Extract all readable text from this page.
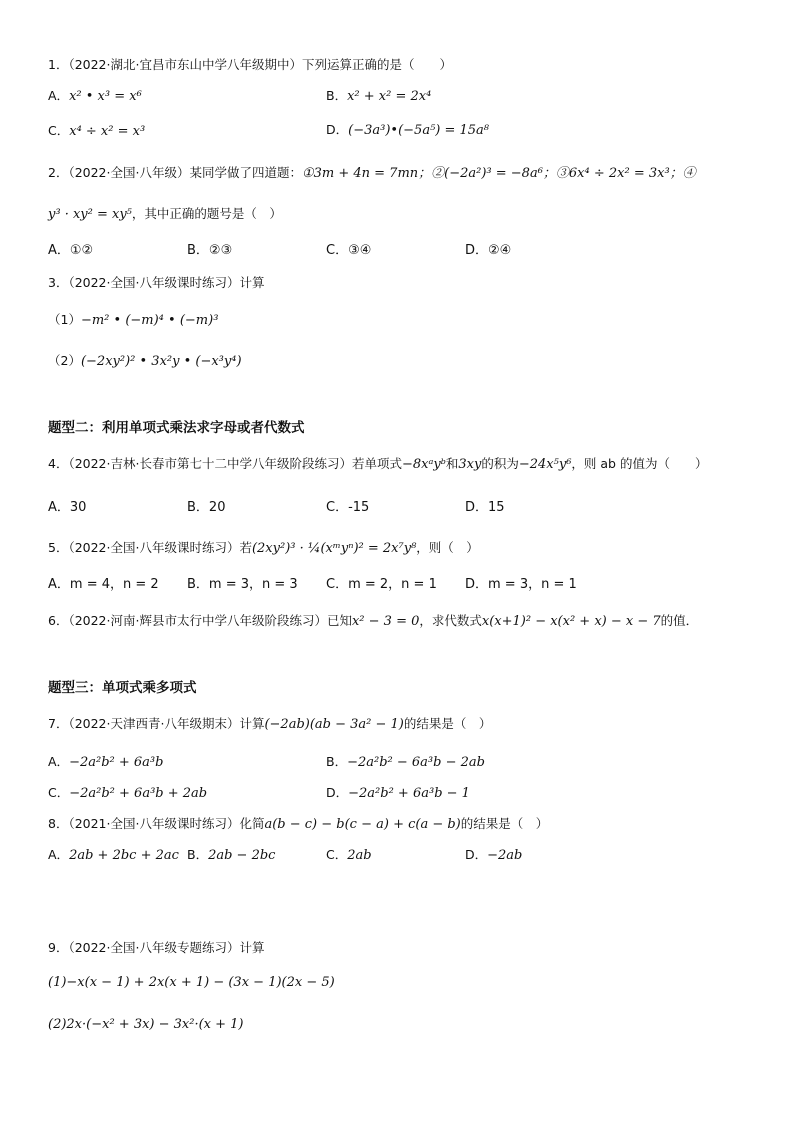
1．（2022·湖北·宜昌市东山中学八年级期中）下列运算正确的是（　　）
A．x² • x³ = x⁶	B．x² + x² = 2x⁴
C．x⁴ ÷ x² = x³	D．(−3a³)•(−5a⁵) = 15a⁸
2．（2022·全国·八年级）某同学做了四道题：①3m + 4n = 7mn；②(−2a²)³ = −8a⁶；③6x⁴ ÷ 2x² = 3x³；④
y³ · xy² = xy⁵，其中正确的题号是（　）
A．①②	B．②③	C．③④	D．②④
3．（2022·全国·八年级课时练习）计算
（1）−m² • (−m)⁴ • (−m)³
（2）(−2xy²)² • 3x²y • (−x³y⁴)
题型二：利用单项式乘法求字母或者代数式
4．（2022·吉林·长春市第七十二中学八年级阶段练习）若单项式−8xᵃyᵇ和3xy的积为−24x⁵y⁶，则 ab 的值为（　　）
A．30	B．20	C．-15	D．15
5．（2022·全国·八年级课时练习）若(2xy²)³ · ¼(xᵐyⁿ)² = 2x⁷y⁸，则（　）
A．m = 4，n = 2 B．m = 3，n = 3 C．m = 2，n = 1 D．m = 3，n = 1
6．（2022·河南·辉县市太行中学八年级阶段练习）已知x² − 3 = 0，求代数式x(x+1)² − x(x² + x) − x − 7的值．
题型三：单项式乘多项式
7．（2022·天津西青·八年级期末）计算(−2ab)(ab − 3a² − 1)的结果是（　）
A．−2a²b² + 6a³b	B．−2a²b² − 6a³b − 2ab
C．−2a²b² + 6a³b + 2ab	D．−2a²b² + 6a³b − 1
8．（2021·全国·八年级课时练习）化简a(b − c) − b(c − a) + c(a − b)的结果是（　）
A．2ab + 2bc + 2ac B．2ab − 2bc	C．2ab	D．−2ab
9．（2022·全国·八年级专题练习）计算
(1)−x(x − 1) + 2x(x + 1) − (3x − 1)(2x − 5)
(2)2x·(−x² + 3x) − 3x²·(x + 1)
